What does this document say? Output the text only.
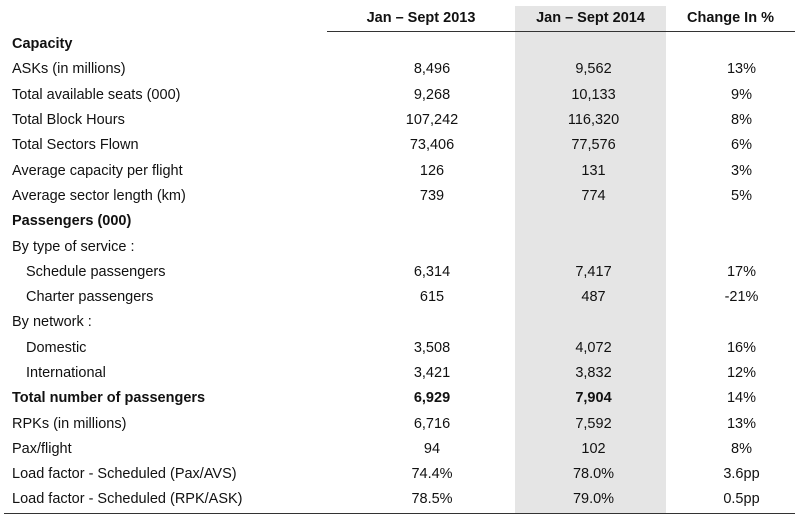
	Jan – Sept 2013	Jan – Sept 2014	Change In %
Capacity			
ASKs (in millions)	8,496	9,562	13%
Total available seats (000)	9,268	10,133	9%
Total Block Hours	107,242	116,320	8%
Total Sectors Flown	73,406	77,576	6%
Average capacity per flight	126	131	3%
Average sector length (km)	739	774	5%
Passengers (000)			
By type of service :			
Schedule passengers	6,314	7,417	17%
Charter passengers	615	487	-21%
By network :			
Domestic	3,508	4,072	16%
International	3,421	3,832	12%
Total number of passengers	6,929	7,904	14%
RPKs (in millions)	6,716	7,592	13%
Pax/flight	94	102	8%
Load factor - Scheduled (Pax/AVS)	74.4%	78.0%	3.6pp
Load factor - Scheduled (RPK/ASK)	78.5%	79.0%	0.5pp
